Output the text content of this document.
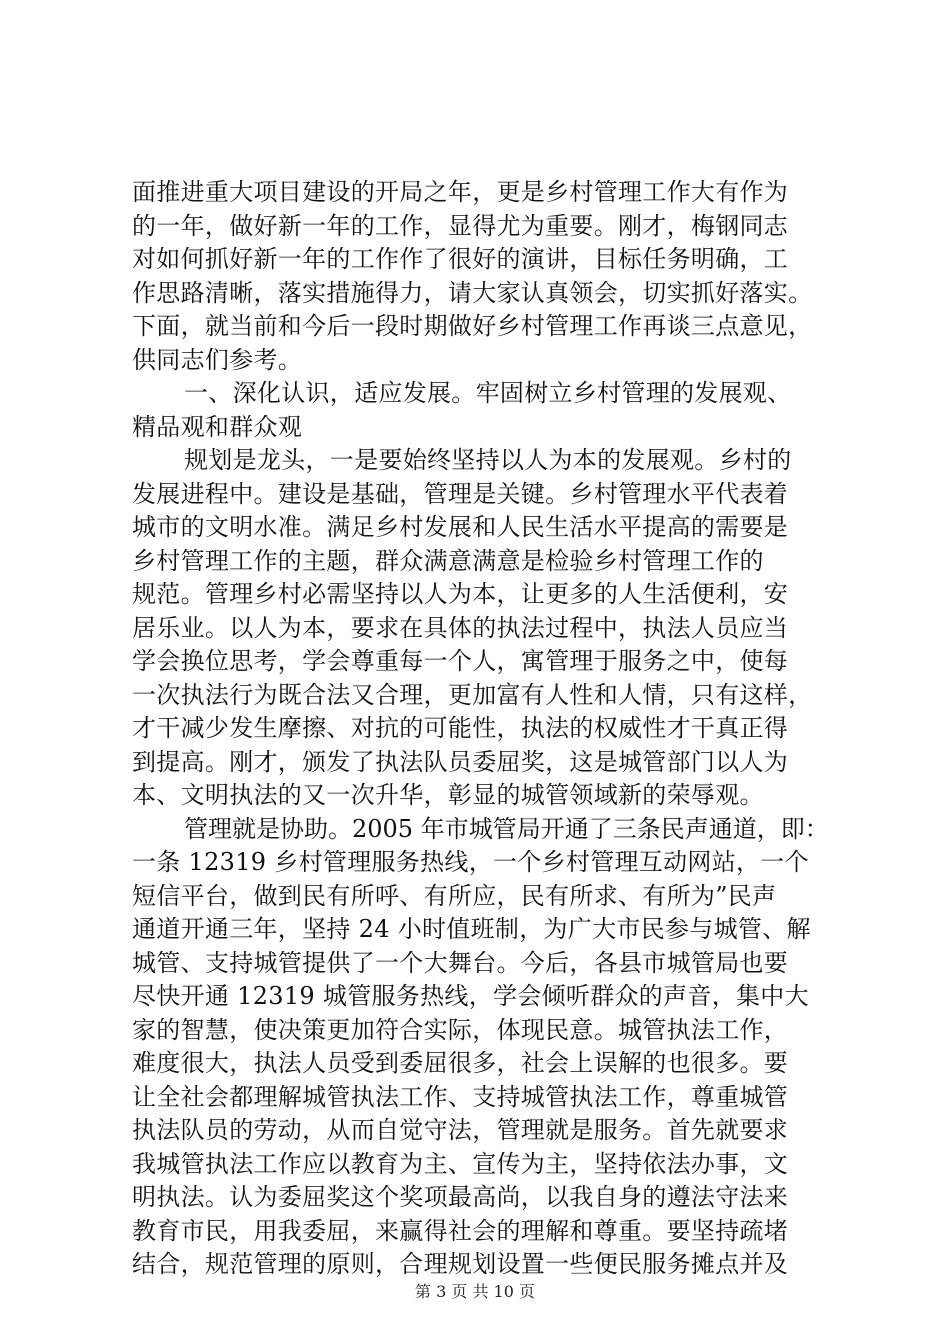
面推进重大项目建设的开局之年，更是乡村管理工作大有作为
的一年，做好新一年的工作，显得尤为重要。刚才，梅钢同志
对如何抓好新一年的工作作了很好的演讲，目标任务明确，工
作思路清晰，落实措施得力，请大家认真领会，切实抓好落实。
下面，就当前和今后一段时期做好乡村管理工作再谈三点意见，
供同志们参考。
一、深化认识，适应发展。牢固树立乡村管理的发展观、
精品观和群众观
规划是龙头，一是要始终坚持以人为本的发展观。乡村的
发展进程中。建设是基础，管理是关键。乡村管理水平代表着
城市的文明水准。满足乡村发展和人民生活水平提高的需要是
乡村管理工作的主题，群众满意满意是检验乡村管理工作的
规范。管理乡村必需坚持以人为本，让更多的人生活便利，安
居乐业。以人为本，要求在具体的执法过程中，执法人员应当
学会换位思考，学会尊重每一个人，寓管理于服务之中，使每
一次执法行为既合法又合理，更加富有人性和人情，只有这样，
才干减少发生摩擦、对抗的可能性，执法的权威性才干真正得
到提高。刚才，颁发了执法队员委屈奖，这是城管部门以人为
本、文明执法的又一次升华，彰显的城管领域新的荣辱观。
管理就是协助。2005 年市城管局开通了三条民声通道，即：
一条 12319 乡村管理服务热线，一个乡村管理互动网站，一个
短信平台，做到民有所呼、有所应，民有所求、有所为”民声
通道开通三年，坚持 24 小时值班制，为广大市民参与城管、解
城管、支持城管提供了一个大舞台。今后，各县市城管局也要
尽快开通 12319 城管服务热线，学会倾听群众的声音，集中大
家的智慧，使决策更加符合实际，体现民意。城管执法工作，
难度很大，执法人员受到委屈很多，社会上误解的也很多。要
让全社会都理解城管执法工作、支持城管执法工作，尊重城管
执法队员的劳动，从而自觉守法，管理就是服务。首先就要求
我城管执法工作应以教育为主、宣传为主，坚持依法办事，文
明执法。认为委屈奖这个奖项最高尚，以我自身的遵法守法来
教育市民，用我委屈，来赢得社会的理解和尊重。要坚持疏堵
结合，规范管理的原则，合理规划设置一些便民服务摊点并及
第 3 页 共 10 页
